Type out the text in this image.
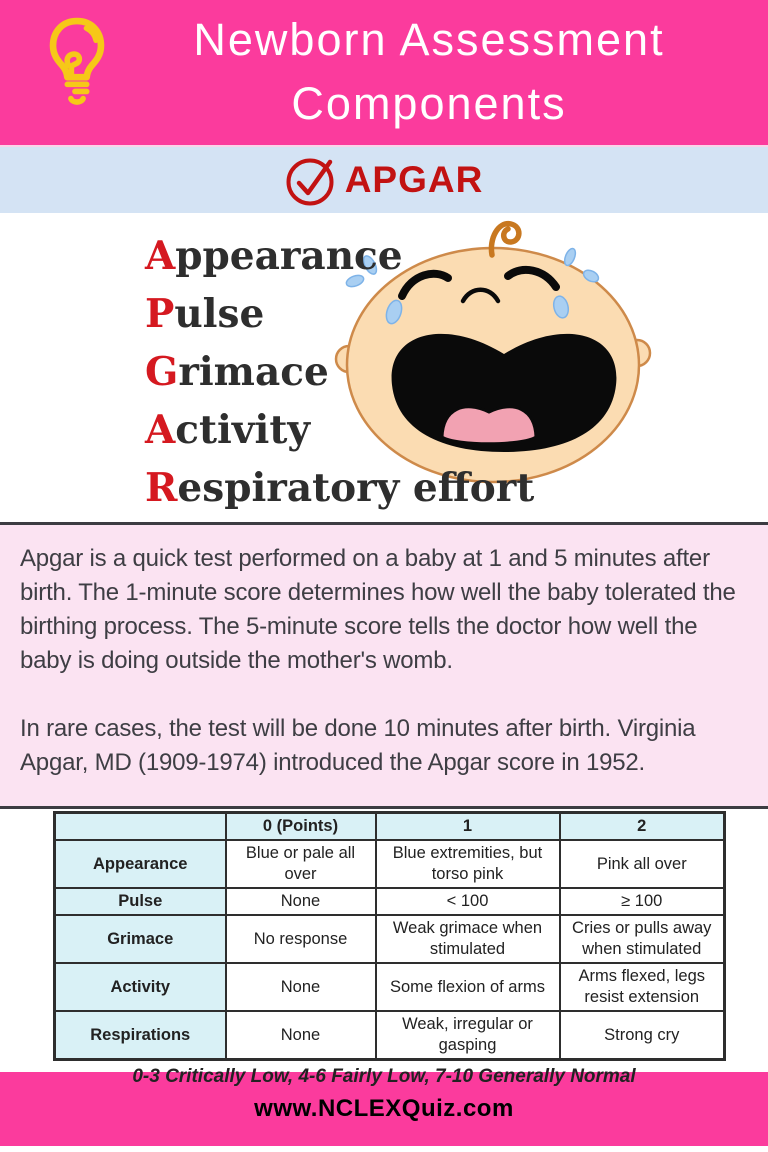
Newborn Assessment
Components
APGAR
Appearance
Pulse
Grimace
Activity
Respiratory effort

Apgar is a quick test performed on a baby at 1 and 5 minutes after birth. The 1-minute score determines how well the baby tolerated the birthing process. The 5-minute score tells the doctor how well the baby is doing outside the mother's womb.

In rare cases, the test will be done 10 minutes after birth. Virginia Apgar, MD (1909-1974) introduced the Apgar score in 1952.

	0 (Points)	1	2
Appearance	Blue or pale all over	Blue extremities, but torso pink	Pink all over
Pulse	None	< 100	≥ 100
Grimace	No response	Weak grimace when stimulated	Cries or pulls away when stimulated
Activity	None	Some flexion of arms	Arms flexed, legs resist extension
Respirations	None	Weak, irregular or gasping	Strong cry
0-3 Critically Low, 4-6 Fairly Low, 7-10 Generally Normal
www.NCLEXQuiz.com
